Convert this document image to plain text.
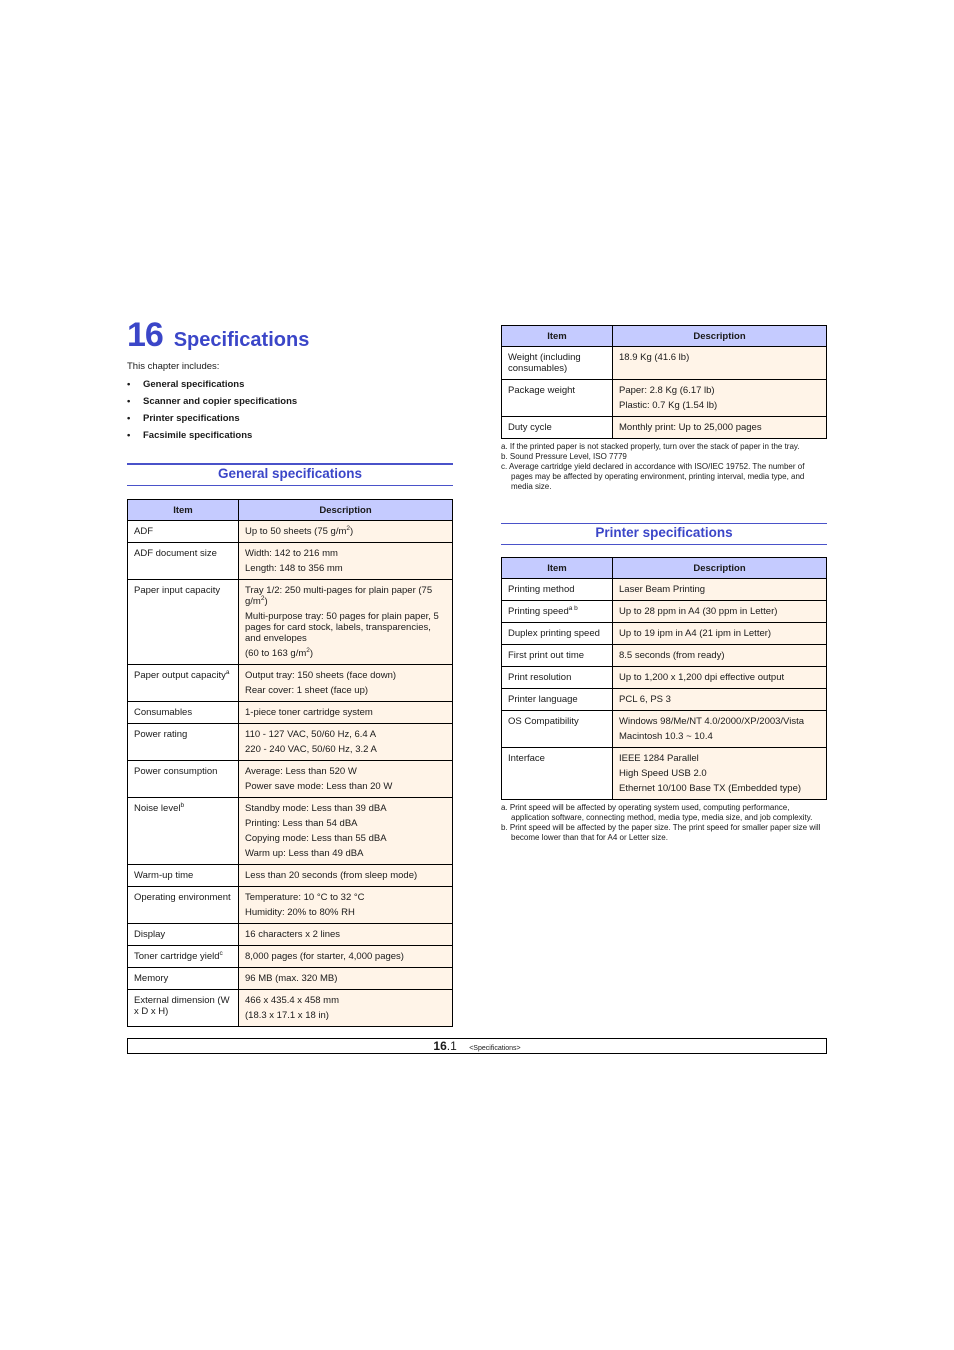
16 Specifications
This chapter includes:
• General specifications
• Scanner and copier specifications
• Printer specifications
• Facsimile specifications
General specifications
Item	Description
ADF	Up to 50 sheets (75 $g/m^2$)

ADF document size	Width: 142 to 216 mm
Length: 148 to 356 mm

Paper input capacity	Tray 1/2: 250 multi-pages for plain paper (75 $g/m^2$)
Multi-purpose tray: 50 pages for plain paper, 5 pages for card stock, labels, transparencies, and envelopes
(60 to 163 $g/m^2$)

Paper output capacity$^a$	Output tray: 150 sheets (face down)
Rear cover: 1 sheet (face up)

Consumables	1-piece toner cartridge system

Power rating	110 - 127 VAC, 50/60 Hz, 6.4 A
220 - 240 VAC, 50/60 Hz, 3.2 A

Power consumption	Average: Less than 520 W
Power save mode: Less than 20 W

Noise level$^b$	Standby mode: Less than 39 dBA
Printing: Less than 54 dBA
Copying mode: Less than 55 dBA
Warm up: Less than 49 dBA

Warm-up time	Less than 20 seconds (from sleep mode)

Operating environment	Temperature: 10 °C to 32 °C
Humidity: 20% to 80% RH

Display	16 characters x 2 lines

Toner cartridge yield$^c$	8,000 pages (for starter, 4,000 pages)

Memory	96 MB (max. 320 MB)

External dimension (W x D x H)	466 x 435.4 x 458 mm
(18.3 x 17.1 x 18 in)
Item	Description
Weight (including consumables)	18.9 Kg (41.6 lb)

Package weight	Paper: 2.8 Kg (6.17 lb)
Plastic: 0.7 Kg (1.54 lb)

Duty cycle	Monthly print: Up to 25,000 pages
a. If the printed paper is not stacked properly, turn over the stack of paper in the tray.
b. Sound Pressure Level, ISO 7779
c. Average cartridge yield declared in accordance with ISO/IEC 19752. The number of pages may be affected by operating environment, printing interval, media type, and media size.
Printer specifications
Item	Description
Printing method	Laser Beam Printing

Printing speed$^{a b}$	Up to 28 ppm in A4 (30 ppm in Letter)

Duplex printing speed	Up to 19 ipm in A4 (21 ipm in Letter)

First print out time	8.5 seconds (from ready)

Print resolution	Up to 1,200 x 1,200 dpi effective output

Printer language	PCL 6, PS 3

OS Compatibility	Windows 98/Me/NT 4.0/2000/XP/2003/Vista
Macintosh 10.3 ~ 10.4

Interface	IEEE 1284 Parallel
High Speed USB 2.0
Ethernet 10/100 Base TX (Embedded type)
a. Print speed will be affected by operating system used, computing performance, application software, connecting method, media type, media size, and job complexity.
b. Print speed will be affected by the paper size. The print speed for smaller paper size will become lower than that for A4 or Letter size.
16.1 <Specifications>
